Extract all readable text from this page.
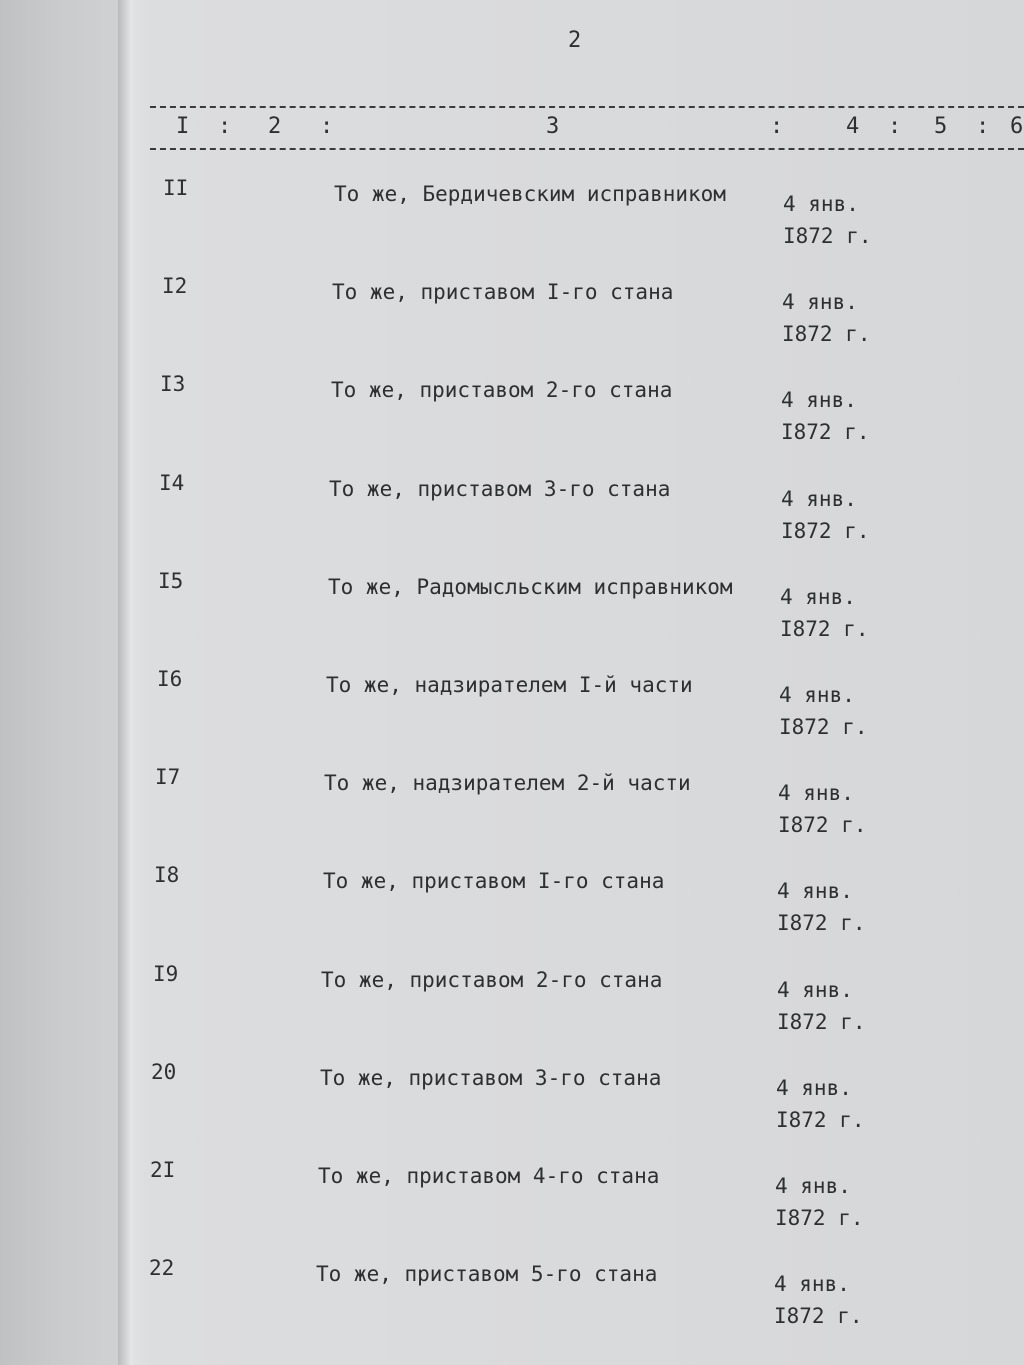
2
I : 2 :	3	:	4 : 5 : 6
II	То же, Бердичевским исправником	4 янв.
I872 г.
I2	То же, приставом I-го стана	4 янв.
I872 г.
I3	То же, приставом 2-го стана	4 янв.
I872 г.
I4	То же, приставом 3-го стана	4 янв.
I872 г.
I5	То же, Радомысльским исправником 4 янв.
I872 г.
I6	То же, надзирателем I-й части	4 янв.
I872 г.
I7	То же, надзирателем 2-й части	4 янв.
I872 г.
I8	То же, приставом I-го стана	4 янв.
I872 г.
I9	То же, приставом 2-го стана	4 янв.
I872 г.
20	То же, приставом 3-го стана	4 янв.
I872 г.
2I	То же, приставом 4-го стана	4 янв.
I872 г.
22	То же, приставом 5-го стана	4 янв.
I872 г.
